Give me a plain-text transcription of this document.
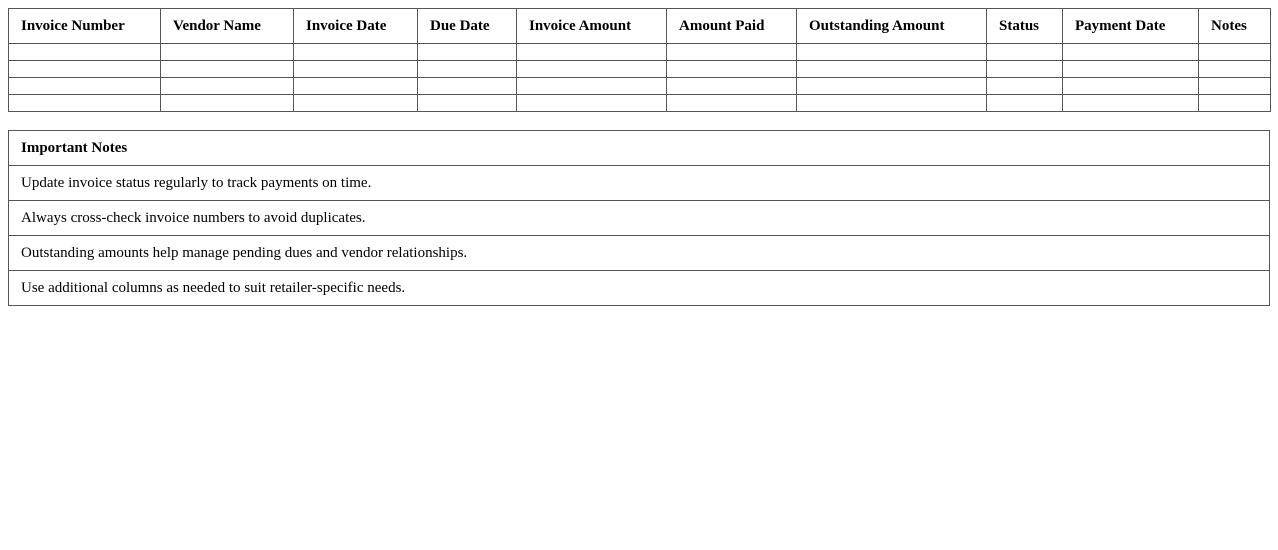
Invoice Number	Vendor Name	Invoice Date	Due Date	Invoice Amount	Amount Paid	Outstanding Amount	Status	Payment Date	Notes

Important Notes
Update invoice status regularly to track payments on time.
Always cross-check invoice numbers to avoid duplicates.
Outstanding amounts help manage pending dues and vendor relationships.
Use additional columns as needed to suit retailer-specific needs.
